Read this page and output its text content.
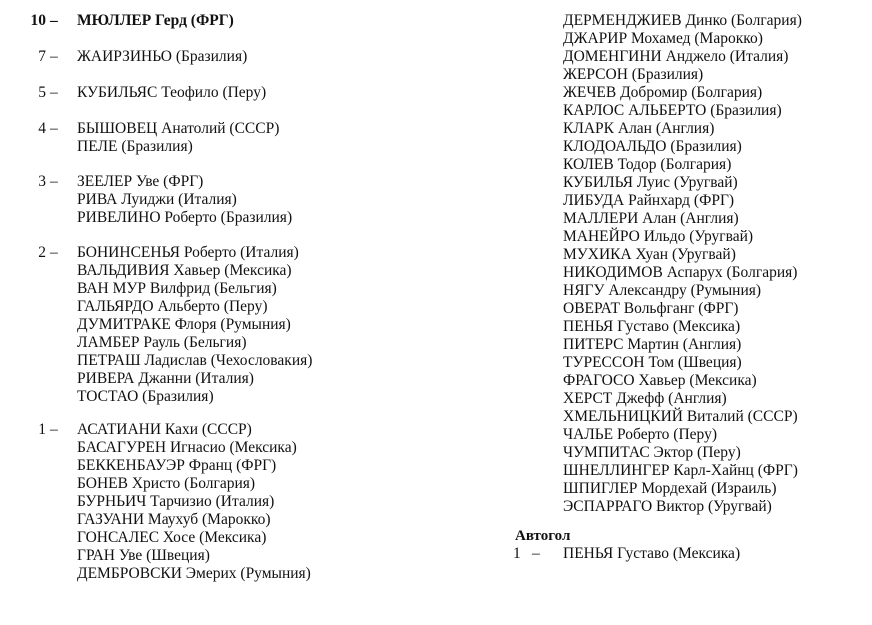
10 – МЮЛЛЕР Герд (ФРГ)
7 – ЖАИРЗИНЬО (Бразилия)
5 – КУБИЛЬЯС Теофило (Перу)
4 – БЫШОВЕЦ Анатолий (СССР)
ПЕЛЕ (Бразилия)
3 – ЗЕЕЛЕР Уве (ФРГ)
РИВА Луиджи (Италия)
РИВЕЛИНО Роберто (Бразилия)
2 – БОНИНСЕНЬЯ Роберто (Италия)
ВАЛЬДИВИЯ Хавьер (Мексика)
ВАН МУР Вилфрид (Бельгия)
ГАЛЬЯРДО Альберто (Перу)
ДУМИТРАКЕ Флоря (Румыния)
ЛАМБЕР Рауль (Бельгия)
ПЕТРАШ Ладислав (Чехословакия)
РИВЕРА Джанни (Италия)
ТОСТАО (Бразилия)
1 – АСАТИАНИ Кахи (СССР)
БАСАГУРЕН Игнасио (Мексика)
БЕККЕНБАУЭР Франц (ФРГ)
БОНЕВ Христо (Болгария)
БУРНЬИЧ Тарчизио (Италия)
ГАЗУАНИ Маухуб (Марокко)
ГОНСАЛЕС Хосе (Мексика)
ГРАН Уве (Швеция)
ДЕМБРОВСКИ Эмерих (Румыния)
ДЕРМЕНДЖИЕВ Динко (Болгария)
ДЖАРИР Мохамед (Марокко)
ДОМЕНГИНИ Анджело (Италия)
ЖЕРСОН (Бразилия)
ЖЕЧЕВ Добромир (Болгария)
КАРЛОС АЛЬБЕРТО (Бразилия)
КЛАРК Алан (Англия)
КЛОДОАЛЬДО (Бразилия)
КОЛЕВ Тодор (Болгария)
КУБИЛЬЯ Луис (Уругвай)
ЛИБУДА Райнхард (ФРГ)
МАЛЛЕРИ Алан (Англия)
МАНЕЙРО Ильдо (Уругвай)
МУХИКА Хуан (Уругвай)
НИКОДИМОВ Аспарух (Болгария)
НЯГУ Александру (Румыния)
ОВЕРАТ Вольфганг (ФРГ)
ПЕНЬЯ Густаво (Мексика)
ПИТЕРС Мартин (Англия)
ТУРЕССОН Том (Швеция)
ФРАГОСО Хавьер (Мексика)
ХЕРСТ Джефф (Англия)
ХМЕЛЬНИЦКИЙ Виталий (СССР)
ЧАЛЬЕ Роберто (Перу)
ЧУМПИТАС Эктор (Перу)
ШНЕЛЛИНГЕР Карл-Хайнц (ФРГ)
ШПИГЛЕР Мордехай (Израиль)
ЭСПАРРАГО Виктор (Уругвай)
Автогол
1 – ПЕНЬЯ Густаво (Мексика)
